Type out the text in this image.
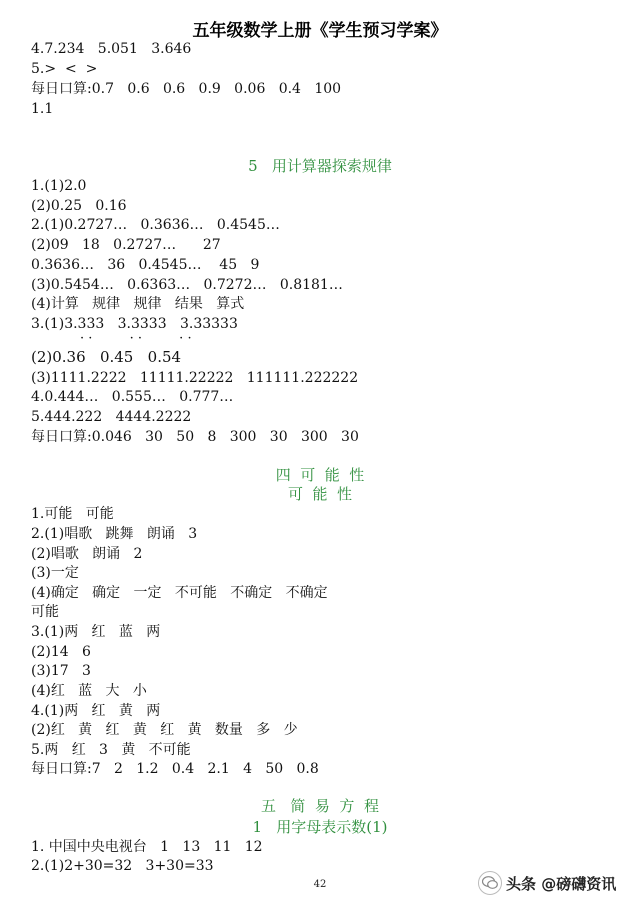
五年级数学上册《学生预习学案》
4.7.234   5.051   3.646
5.>  <  >
每日口算:0.7   0.6   0.6   0.9   0.06   0.4   100
1.1
5   用计算器探索规律
1.(1)2.0
(2)0.25   0.16
2.(1)0.2727…   0.3636…   0.4545…
(2)09   18   0.2727…      27
0.3636…   36   0.4545…    45   9
(3)0.5454…   0.6363…   0.7272…   0.8181…
(4)计算   规律   规律   结果   算式
3.(1)3.333   3.3333   3.33333
· ·         · ·         · ·
(2)0.36   0.45   0.54
(3)1111.2222   11111.22222   111111.222222
4.0.444…   0.555…   0.777…
5.444.222   4444.2222
每日口算:0.046   30   50   8   300   30   300   30
四  可  能  性
可  能  性
1.可能   可能
2.(1)唱歌   跳舞   朗诵   3
(2)唱歌   朗诵   2
(3)一定
(4)确定   确定   一定   不可能   不确定   不确定
可能
3.(1)两   红   蓝   两
(2)14   6
(3)17   3
(4)红   蓝   大   小
4.(1)两   红   黄   两
(2)红   黄   红   黄   红   黄   数量   多   少
5.两   红   3   黄   不可能
每日口算:7   2   1.2   0.4   2.1   4   50   0.8
五   简  易  方  程
1   用字母表示数(1)
1. 中国中央电视台   1   13   11   12
2.(1)2+30=32   3+30=33
42	头条 @磅礴资讯
